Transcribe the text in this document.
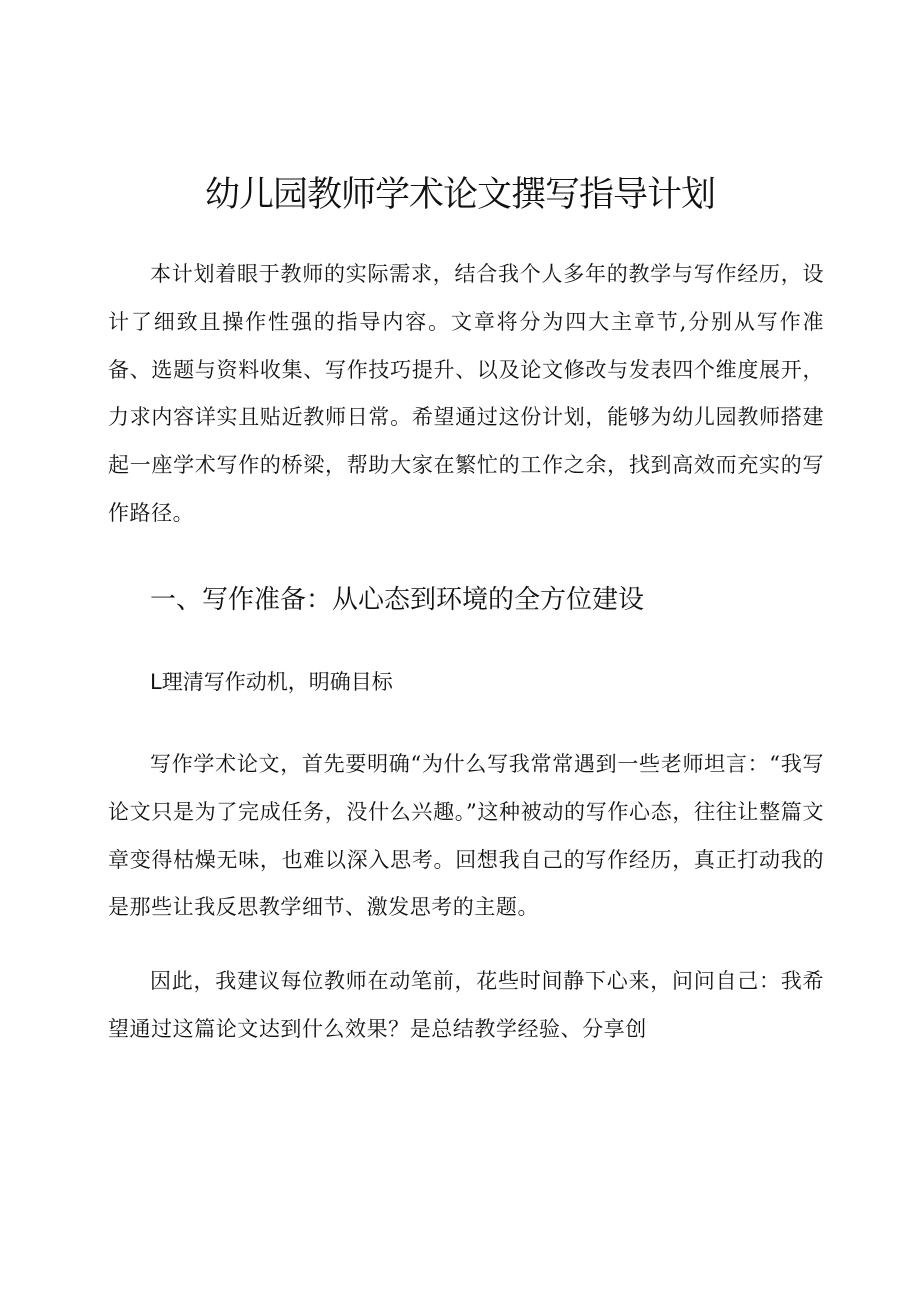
幼儿园教师学术论文撰写指导计划

本计划着眼于教师的实际需求，结合我个人多年的教学与写作经历，设计了细致且操作性强的指导内容。文章将分为四大主章节,分别从写作准备、选题与资料收集、写作技巧提升、以及论文修改与发表四个维度展开，力求内容详实且贴近教师日常。希望通过这份计划，能够为幼儿园教师搭建起一座学术写作的桥梁，帮助大家在繁忙的工作之余，找到高效而充实的写作路径。

一、写作准备：从心态到环境的全方位建设
L理清写作动机，明确目标

写作学术论文，首先要明确“为什么写我常常遇到一些老师坦言：“我写论文只是为了完成任务，没什么兴趣。”这种被动的写作心态，往往让整篇文章变得枯燥无味，也难以深入思考。回想我自己的写作经历，真正打动我的是那些让我反思教学细节、激发思考的主题。

因此，我建议每位教师在动笔前，花些时间静下心来，问问自己：我希望通过这篇论文达到什么效果？是总结教学经验、分享创
